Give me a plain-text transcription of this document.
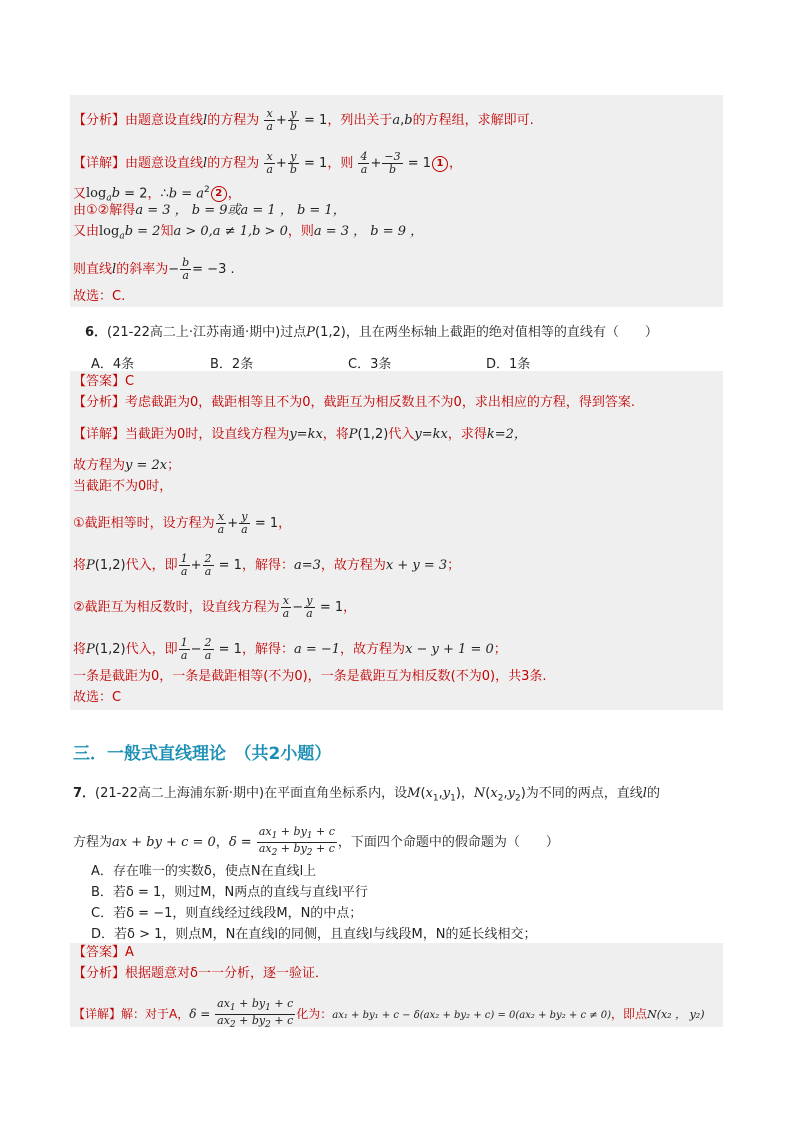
【分析】由题意设直线l的方程为 $\frac{x}{a} + \frac{y}{b} = 1$，列出关于a,b的方程组，求解即可.
【详解】由题意设直线l的方程为 $\frac{x}{a} + \frac{y}{b} = 1$，则 $\frac{4}{a} + \frac{-3}{b} = 1$ 1 ，
又$\log_ab = 2$，∴b = $a^2$ 2 ，
由①②解得a = 3 ， b = 9或a = 1 ， b = 1，
又由$\log_ab = 2$知a > 0,a ≠ 1,b > 0，则a = 3 ， b = 9 ，
则直线l的斜率为− $\frac{b}{a} = -3$ .
故选：C.
6．(21-22高二上·江苏南通·期中)过点P(1,2)，且在两坐标轴上截距的绝对值相等的直线有（　　）
A．4条	B．2条	C．3条	D．1条
【答案】C
【分析】考虑截距为0，截距相等且不为0，截距互为相反数且不为0，求出相应的方程，得到答案.
【详解】当截距为0时，设直线方程为y=kx，将P(1,2)代入y=kx，求得k=2，
故方程为y = 2x；
当截距不为0时，
①截距相等时，设方程为 $\frac{x}{a} + \frac{y}{a} = 1$，
将P(1,2)代入，即 $\frac{1}{a} + \frac{2}{a} = 1$，解得：a=3，故方程为x + y = 3；
②截距互为相反数时，设直线方程为 $\frac{x}{a} - \frac{y}{a} = 1$，
将P(1,2)代入，即 $\frac{1}{a} - \frac{2}{a} = 1$，解得：a = −1，故方程为x − y + 1 = 0；
一条是截距为0，一条是截距相等(不为0)，一条是截距互为相反数(不为0)，共3条.
故选：C
三．一般式直线理论　（共2小题）
7．(21-22高二上海浦东新·期中)在平面直角坐标系内，设$M(x_1,y_1)$，$N(x_2,y_2)$为不同的两点，直线l的
方程为ax + by + c = 0，$\delta = \frac{ax_1 + by_1 + c}{ax_2 + by_2 + c}$ ，下面四个命题中的假命题为（　　）
A．存在唯一的实数δ，使点N在直线l上
B．若δ = 1，则过M，N两点的直线与直线l平行
C．若δ = −1，则直线经过线段M，N的中点；
D．若δ > 1，则点M，N在直线l的同侧，且直线l与线段M，N的延长线相交；
【答案】A
【分析】根据题意对δ一一分析，逐一验证．
【详解】解：对于A，$\delta = \frac{ax_1 + by_1 + c}{ax_2 + by_2 + c}$ 化为：ax₁ + by₁ + c − δ(ax₂ + by₂ + c) = 0(ax₂ + by₂ + c ≠ 0)，即点N(x₂ ， y₂)
